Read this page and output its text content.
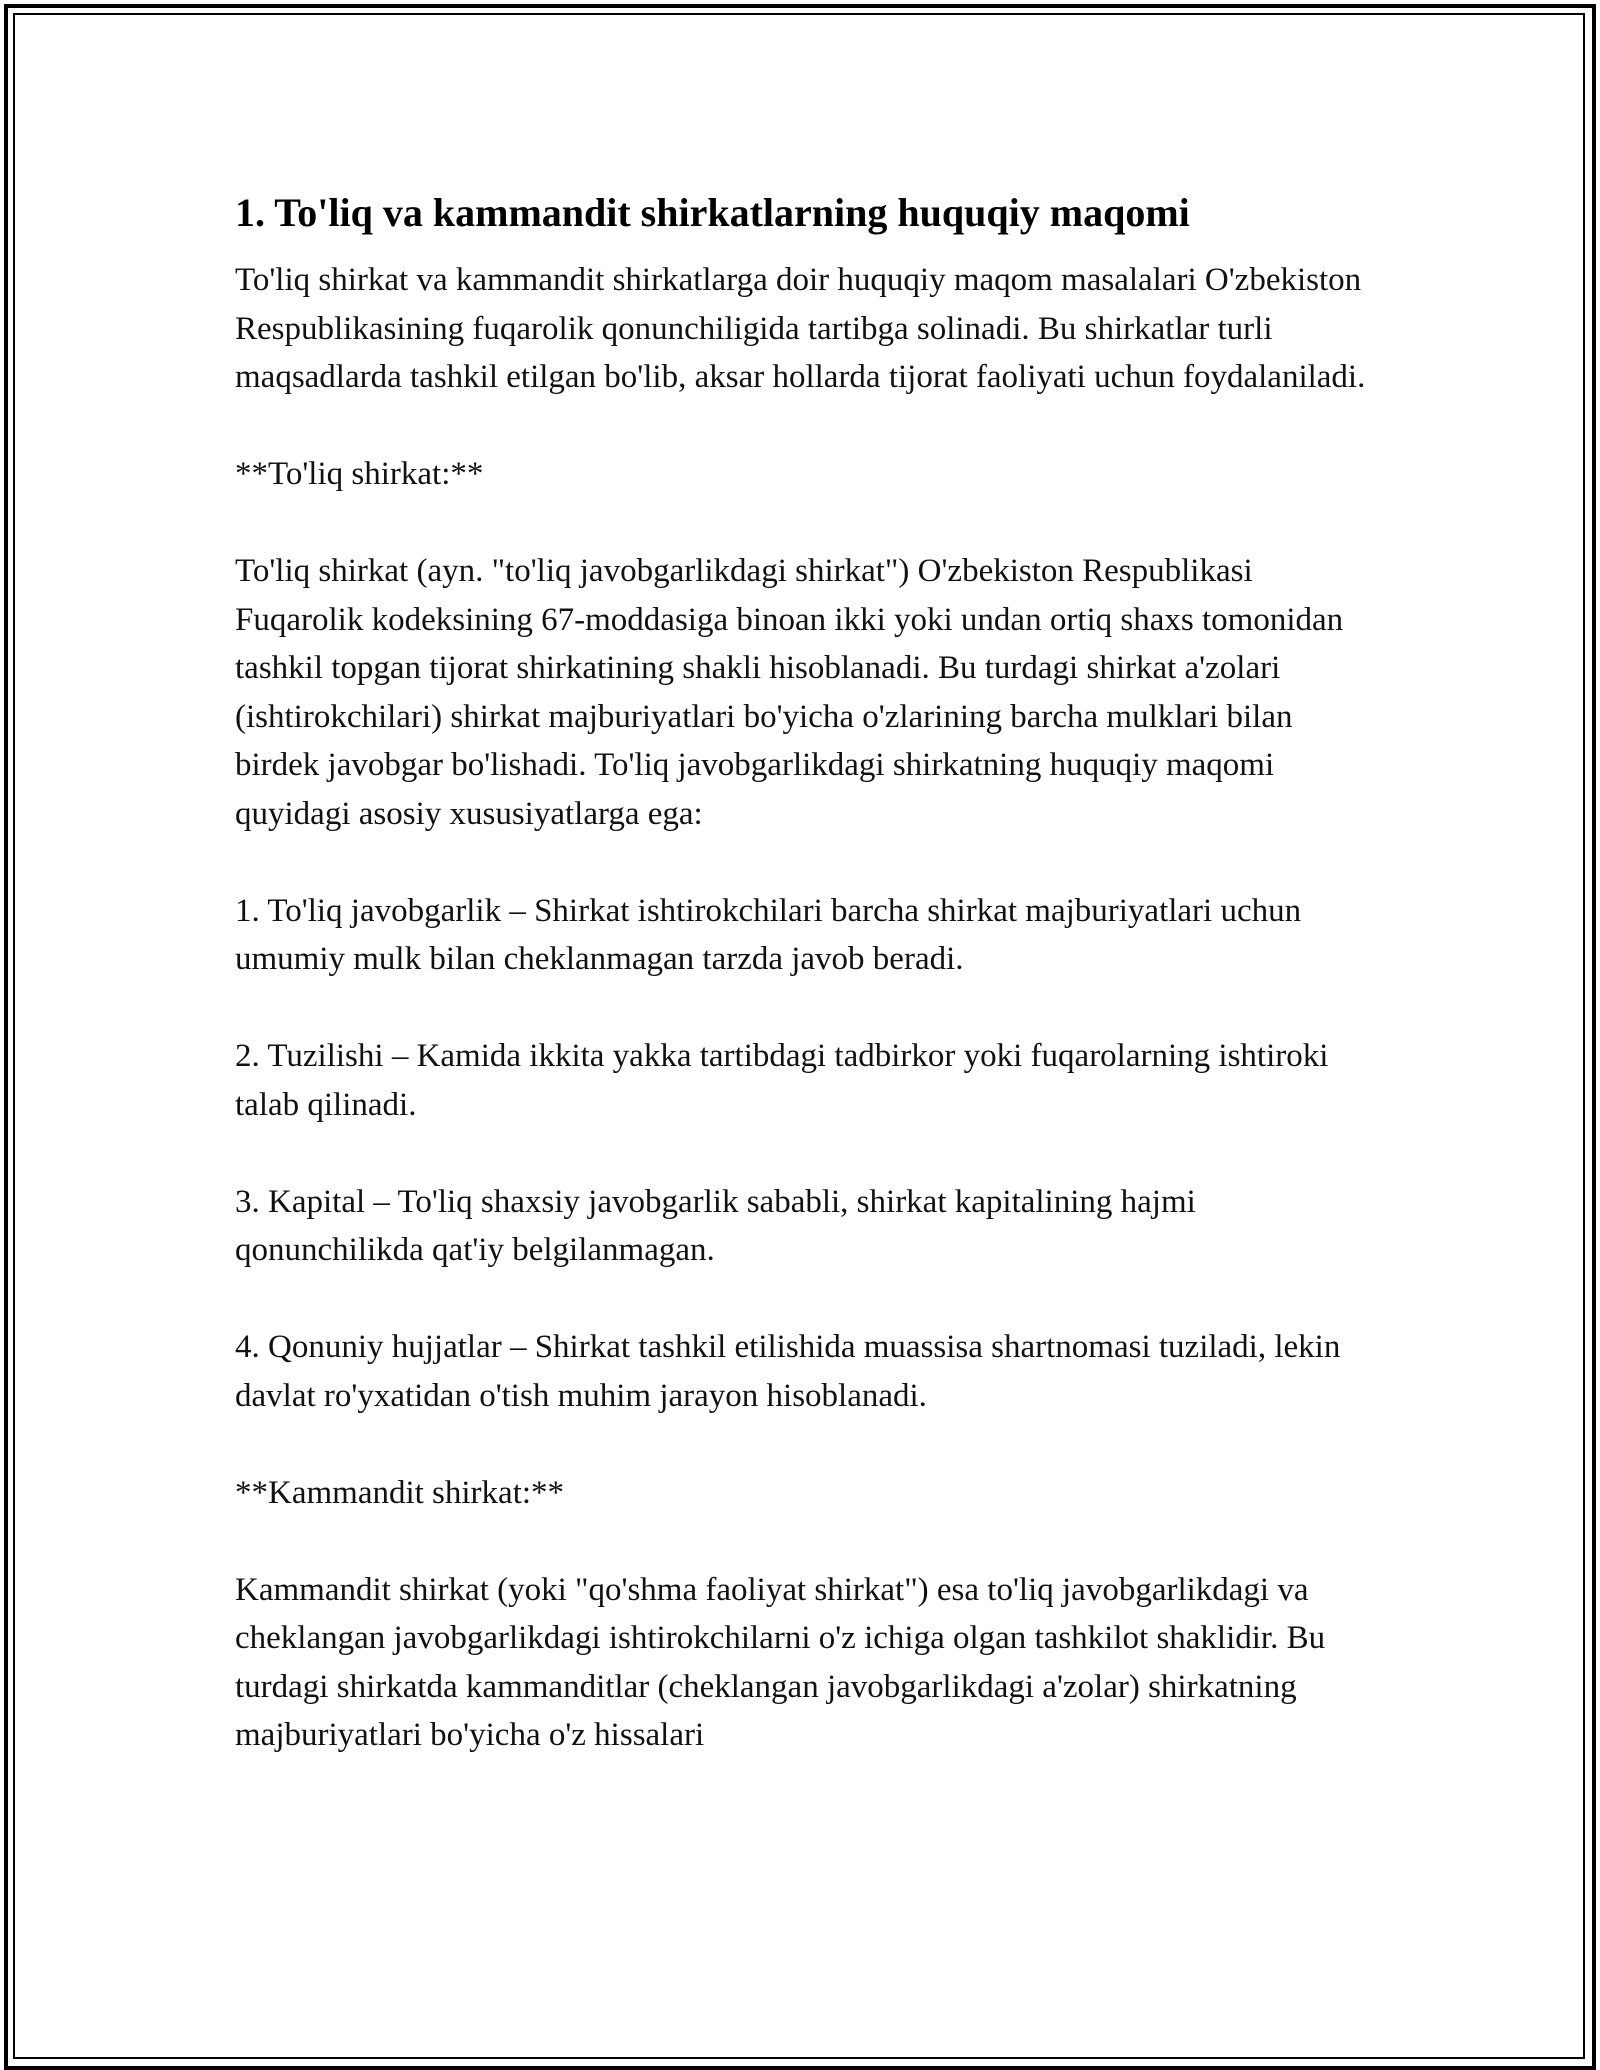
1. To'liq va kammandit shirkatlarning huquqiy maqomi

To'liq shirkat va kammandit shirkatlarga doir huquqiy maqom masalalari O'zbekiston Respublikasining fuqarolik qonunchiligida tartibga solinadi. Bu shirkatlar turli maqsadlarda tashkil etilgan bo'lib, aksar hollarda tijorat faoliyati uchun foydalaniladi.

**To'liq shirkat:**

To'liq shirkat (ayn. "to'liq javobgarlikdagi shirkat") O'zbekiston Respublikasi Fuqarolik kodeksining 67-moddasiga binoan ikki yoki undan ortiq shaxs tomonidan tashkil topgan tijorat shirkatining shakli hisoblanadi. Bu turdagi shirkat a'zolari (ishtirokchilari) shirkat majburiyatlari bo'yicha o'zlarining barcha mulklari bilan birdek javobgar bo'lishadi. To'liq javobgarlikdagi shirkatning huquqiy maqomi quyidagi asosiy xususiyatlarga ega:

1. To'liq javobgarlik – Shirkat ishtirokchilari barcha shirkat majburiyatlari uchun umumiy mulk bilan cheklanmagan tarzda javob beradi.

2. Tuzilishi – Kamida ikkita yakka tartibdagi tadbirkor yoki fuqarolarning ishtiroki talab qilinadi.

3. Kapital – To'liq shaxsiy javobgarlik sababli, shirkat kapitalining hajmi qonunchilikda qat'iy belgilanmagan.

4. Qonuniy hujjatlar – Shirkat tashkil etilishida muassisa shartnomasi tuziladi, lekin davlat ro'yxatidan o'tish muhim jarayon hisoblanadi.

**Kammandit shirkat:**

Kammandit shirkat (yoki "qo'shma faoliyat shirkat") esa to'liq javobgarlikdagi va cheklangan javobgarlikdagi ishtirokchilarni o'z ichiga olgan tashkilot shaklidir. Bu turdagi shirkatda kammanditlar (cheklangan javobgarlikdagi a'zolar) shirkatning majburiyatlari bo'yicha o'z hissalari
